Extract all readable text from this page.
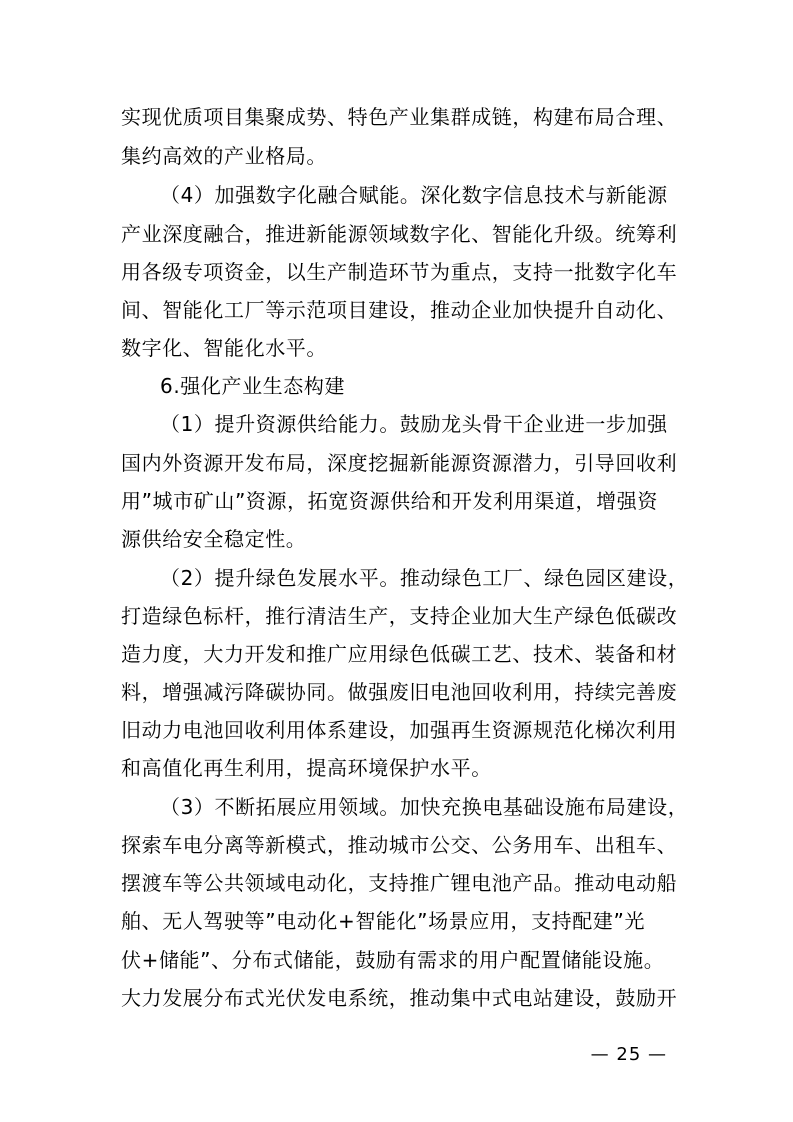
实现优质项目集聚成势、特色产业集群成链，构建布局合理、
集约高效的产业格局。
（4）加强数字化融合赋能。深化数字信息技术与新能源
产业深度融合，推进新能源领域数字化、智能化升级。统筹利
用各级专项资金，以生产制造环节为重点，支持一批数字化车
间、智能化工厂等示范项目建设，推动企业加快提升自动化、
数字化、智能化水平。
6.强化产业生态构建
（1）提升资源供给能力。鼓励龙头骨干企业进一步加强
国内外资源开发布局，深度挖掘新能源资源潜力，引导回收利
用”城市矿山”资源，拓宽资源供给和开发利用渠道，增强资
源供给安全稳定性。
（2）提升绿色发展水平。推动绿色工厂、绿色园区建设，
打造绿色标杆，推行清洁生产，支持企业加大生产绿色低碳改
造力度，大力开发和推广应用绿色低碳工艺、技术、装备和材
料，增强减污降碳协同。做强废旧电池回收利用，持续完善废
旧动力电池回收利用体系建设，加强再生资源规范化梯次利用
和高值化再生利用，提高环境保护水平。
（3）不断拓展应用领域。加快充换电基础设施布局建设，
探索车电分离等新模式，推动城市公交、公务用车、出租车、
摆渡车等公共领域电动化，支持推广锂电池产品。推动电动船
舶、无人驾驶等”电动化+智能化”场景应用，支持配建”光
伏+储能”、分布式储能，鼓励有需求的用户配置储能设施。
大力发展分布式光伏发电系统，推动集中式电站建设，鼓励开
— 25 —
